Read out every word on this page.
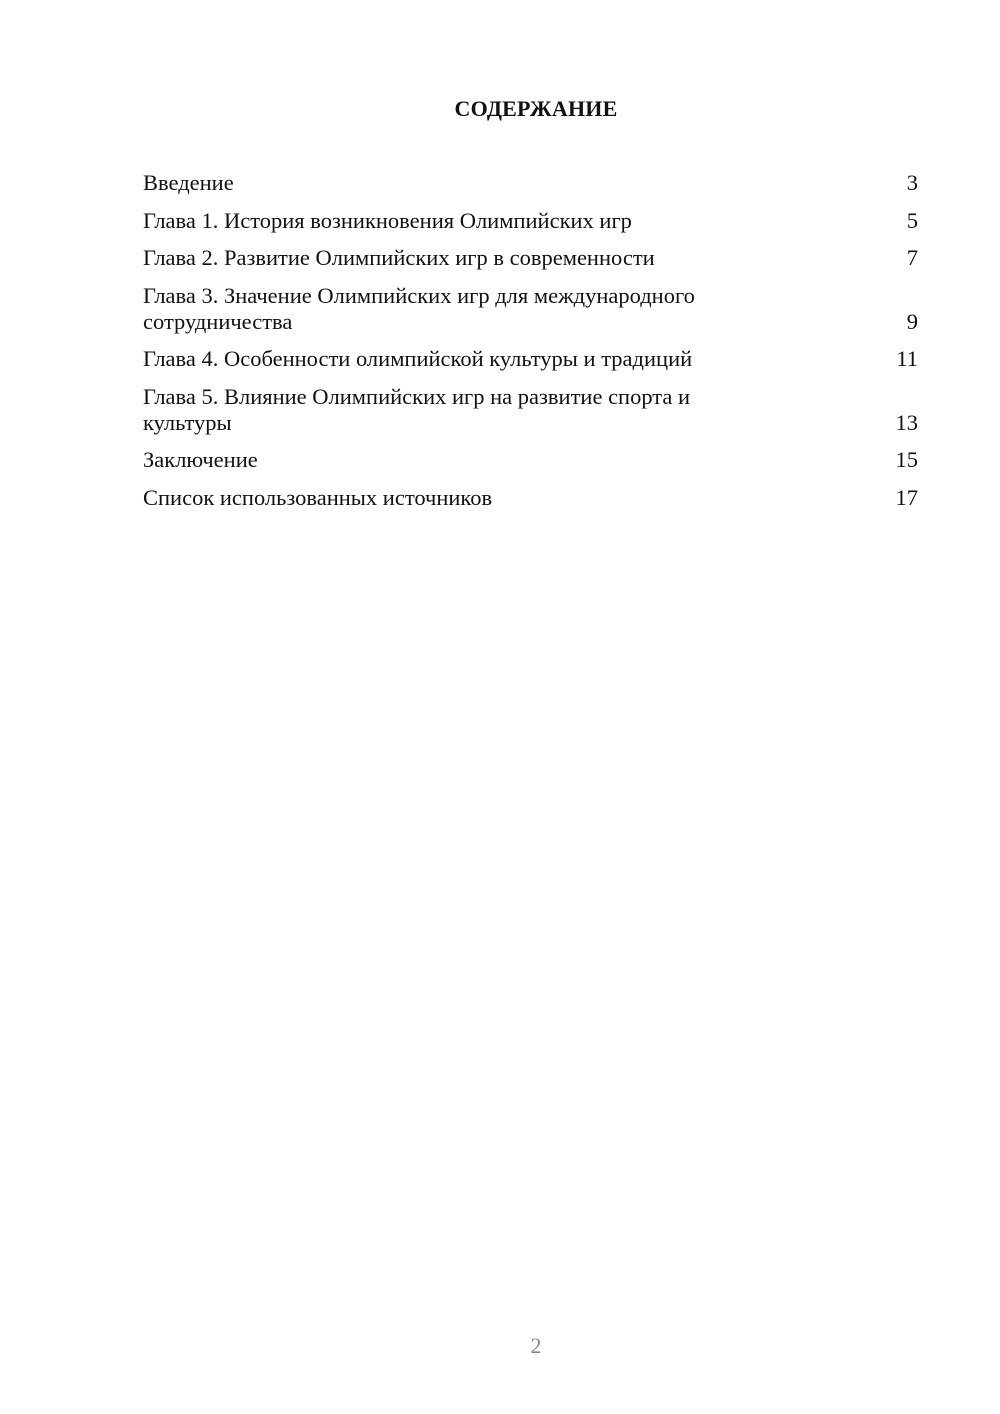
СОДЕРЖАНИЕ
Введение	3
Глава 1. История возникновения Олимпийских игр	5
Глава 2. Развитие Олимпийских игр в современности	7
Глава 3. Значение Олимпийских игр для международного сотрудничества	9
Глава 4. Особенности олимпийской культуры и традиций	11
Глава 5. Влияние Олимпийских игр на развитие спорта и культуры	13
Заключение	15
Список использованных источников	17
2
